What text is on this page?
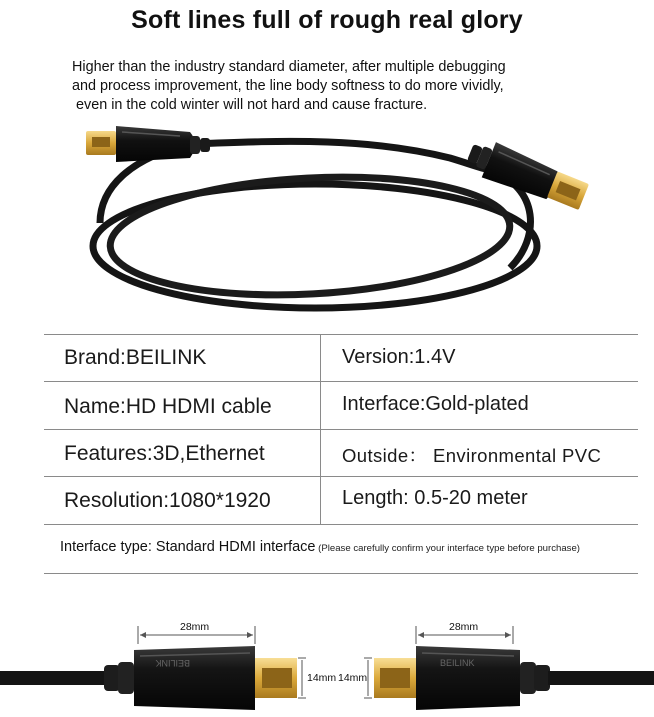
Soft lines full of rough real glory
Higher than the industry standard diameter, after multiple debugging
and process improvement, the line body softness to do more vividly,
even in the cold winter will not hard and cause fracture.
Brand:BEILINK	Version:1.4V
Name:HD HDMI cable	Interface:Gold-plated
Features:3D,Ethernet	Outside： Environmental PVC
Resolution:1080*1920	Length: 0.5-20 meter
Interface type: Standard HDMI interface (Please carefully confirm your interface type before purchase)
BEILINK
28mm
14mm
BEILINK
28mm
14mm
